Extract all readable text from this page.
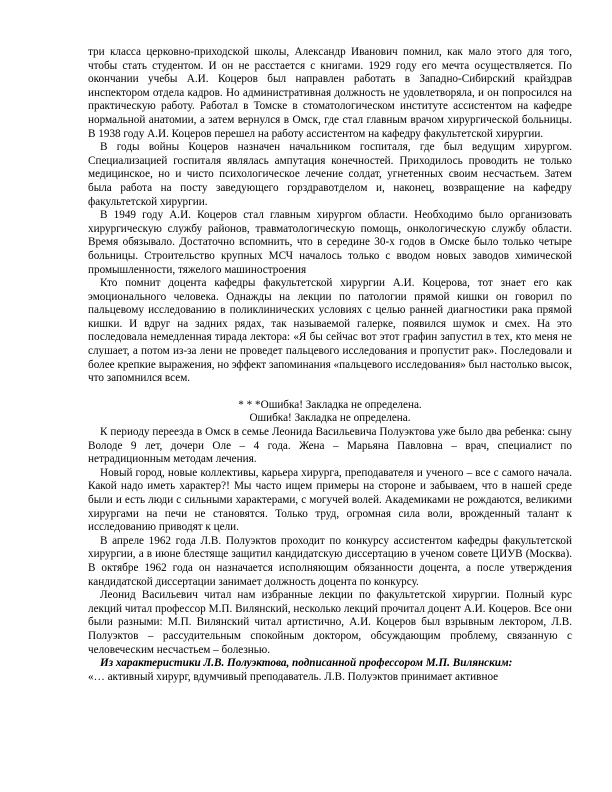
три класса церковно-приходской школы, Александр Иванович помнил, как мало этого для того, чтобы стать студентом. И он не расстается с книгами. 1929 году его мечта осуществляется. По окончании учебы А.И. Коцеров был направлен работать в Западно-Сибирский крайздрав инспектором отдела кадров. Но административная должность не удовлетворяла, и он попросился на практическую работу. Работал в Томске в стоматологическом институте ассистентом на кафедре нормальной анатомии, а затем вернулся в Омск, где стал главным врачом хирургической больницы. В 1938 году А.И. Коцеров перешел на работу ассистентом на кафедру факультетской хирургии.

В годы войны Коцеров назначен начальником госпиталя, где был ведущим хирургом. Специализацией госпиталя являлась ампутация конечностей. Приходилось проводить не только медицинское, но и чисто психологическое лечение солдат, угнетенных своим несчастьем. Затем была работа на посту заведующего горздравотделом и, наконец, возвращение на кафедру факультетской хирургии.

В 1949 году А.И. Коцеров стал главным хирургом области. Необходимо было организовать хирургическую службу районов, травматологическую помощь, онкологическую службу области. Время обязывало. Достаточно вспомнить, что в середине 30-х годов в Омске было только четыре больницы. Строительство крупных МСЧ началось только с вводом новых заводов химической промышленности, тяжелого машиностроения

Кто помнит доцента кафедры факультетской хирургии А.И. Коцерова, тот знает его как эмоционального человека. Однажды на лекции по патологии прямой кишки он говорил по пальцевому исследованию в поликлинических условиях с целью ранней диагностики рака прямой кишки. И вдруг на задних рядах, так называемой галерке, появился шумок и смех. На это последовала немедленная тирада лектора: «Я бы сейчас вот этот графин запустил в тех, кто меня не слушает, а потом из-за лени не проведет пальцевого исследования и пропустит рак». Последовали и более крепкие выражения, но эффект запоминания «пальцевого исследования» был настолько высок, что запомнился всем.

* * *Ошибка! Закладка не определена.

Ошибка! Закладка не определена.

К периоду переезда в Омск в семье Леонида Васильевича Полуэктова уже было два ребенка: сыну Володе 9 лет, дочери Оле – 4 года. Жена – Марьяна Павловна – врач, специалист по нетрадиционным методам лечения.

Новый город, новые коллективы, карьера хирурга, преподавателя и ученого – все с самого начала. Какой надо иметь характер?! Мы часто ищем примеры на стороне и забываем, что в нашей среде были и есть люди с сильными характерами, с могучей волей. Академиками не рождаются, великими хирургами на печи не становятся. Только труд, огромная сила воли, врожденный талант к исследованию приводят к цели.

В апреле 1962 года Л.В. Полуэктов проходит по конкурсу ассистентом кафедры факультетской хирургии, а в июне блестяще защитил кандидатскую диссертацию в ученом совете ЦИУВ (Москва). В октябре 1962 года он назначается исполняющим обязанности доцента, а после утверждения кандидатской диссертации занимает должность доцента по конкурсу.

Леонид Васильевич читал нам избранные лекции по факультетской хирургии. Полный курс лекций читал профессор М.П. Вилянский, несколько лекций прочитал доцент А.И. Коцеров. Все они были разными: М.П. Вилянский читал артистично, А.И. Коцеров был взрывным лектором, Л.В. Полуэктов – рассудительным спокойным доктором, обсуждающим проблему, связанную с человеческим несчастьем – болезнью.

Из характеристики Л.В. Полуэктова, подписанной профессором М.П. Вилянским:

«… активный хирург, вдумчивый преподаватель. Л.В. Полуэктов принимает активное
